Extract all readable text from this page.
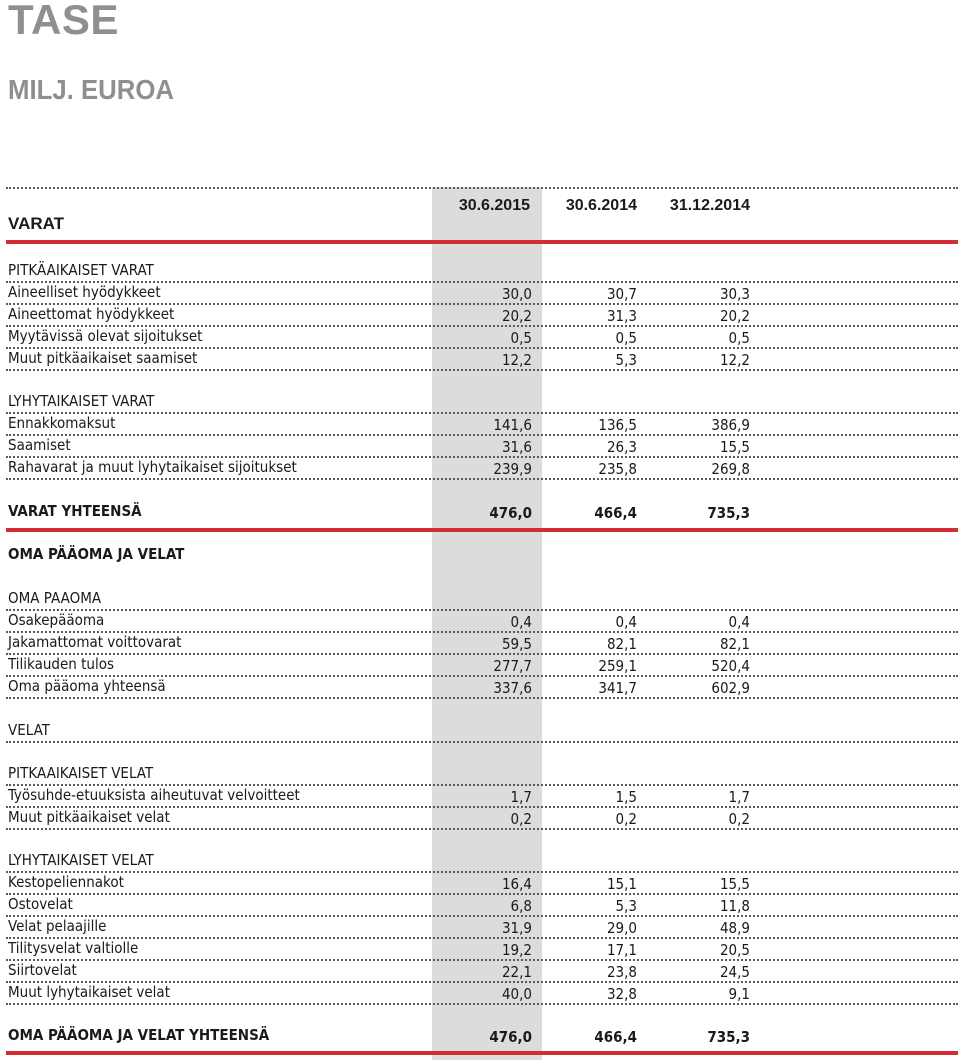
TASE
MILJ. EUROA
VARAT
30.6.2015	30.6.2014	31.12.2014
PITKÄAIKAISET VARAT
Aineelliset hyödykkeet	30,0	30,7	30,3
Aineettomat hyödykkeet	20,2	31,3	20,2
Myytävissä olevat sijoitukset	0,5	0,5	0,5
Muut pitkäaikaiset saamiset	12,2	5,3	12,2
LYHYTAIKAISET VARAT
Ennakkomaksut	141,6	136,5	386,9
Saamiset	31,6	26,3	15,5
Rahavarat ja muut lyhytaikaiset sijoitukset	239,9	235,8	269,8
VARAT YHTEENSÄ	476,0	466,4	735,3
OMA PÄÄOMA JA VELAT
OMA PAAOMA
Osakepääoma	0,4	0,4	0,4
Jakamattomat voittovarat	59,5	82,1	82,1
Tilikauden tulos	277,7	259,1	520,4
Oma pääoma yhteensä	337,6	341,7	602,9
VELAT
PITKAAIKAISET VELAT
Työsuhde-etuuksista aiheutuvat velvoitteet	1,7	1,5	1,7
Muut pitkäaikaiset velat	0,2	0,2	0,2
LYHYTAIKAISET VELAT
Kestopeliennakot	16,4	15,1	15,5
Ostovelat	6,8	5,3	11,8
Velat pelaajille	31,9	29,0	48,9
Tilitysvelat valtiolle	19,2	17,1	20,5
Siirtovelat	22,1	23,8	24,5
Muut lyhytaikaiset velat	40,0	32,8	9,1
OMA PÄÄOMA JA VELAT YHTEENSÄ	476,0	466,4	735,3
